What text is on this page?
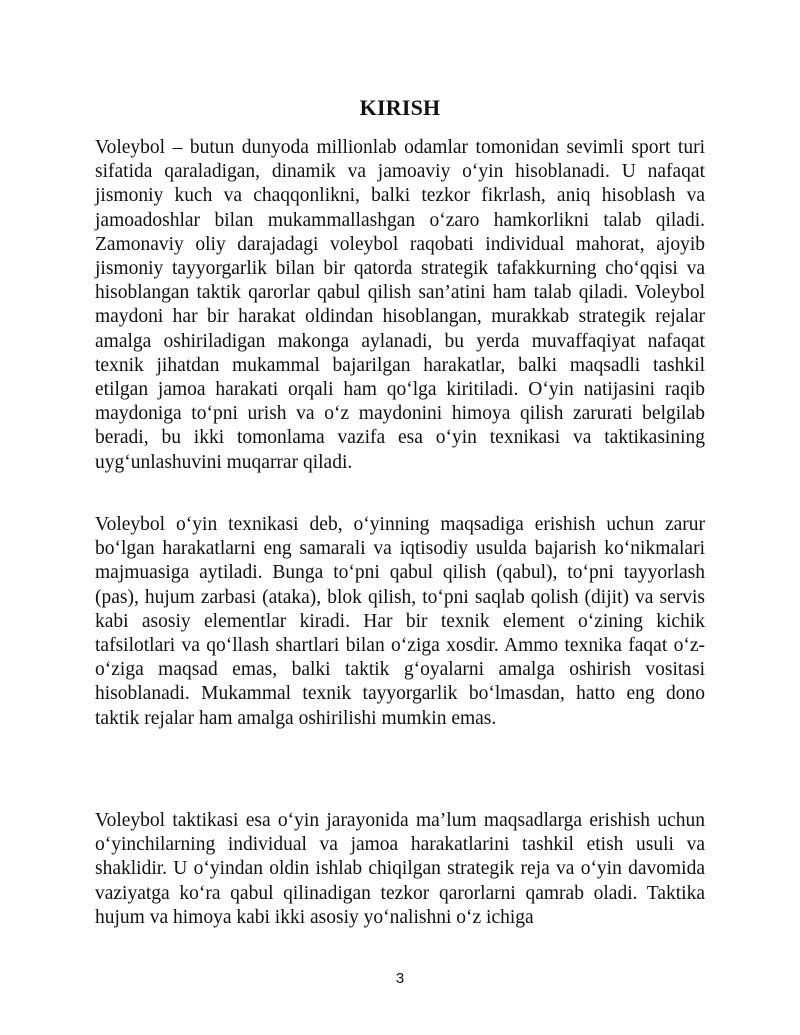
KIRISH

Voleybol – butun dunyoda millionlab odamlar tomonidan sevimli sport turi sifatida qaraladigan, dinamik va jamoaviy o‘yin hisoblanadi. U nafaqat jismoniy kuch va chaqqonlikni, balki tezkor fikrlash, aniq hisoblash va jamoadoshlar bilan mukammallashgan o‘zaro hamkorlikni talab qiladi. Zamonaviy oliy darajadagi voleybol raqobati individual mahorat, ajoyib jismoniy tayyorgarlik bilan bir qatorda strategik tafakkurning cho‘qqisi va hisoblangan taktik qarorlar qabul qilish san’atini ham talab qiladi. Voleybol maydoni har bir harakat oldindan hisoblangan, murakkab strategik rejalar amalga oshiriladigan makonga aylanadi, bu yerda muvaffaqiyat nafaqat texnik jihatdan mukammal bajarilgan harakatlar, balki maqsadli tashkil etilgan jamoa harakati orqali ham qo‘lga kiritiladi. O‘yin natijasini raqib maydoniga to‘pni urish va o‘z maydonini himoya qilish zarurati belgilab beradi, bu ikki tomonlama vazifa esa o‘yin texnikasi va taktikasining uyg‘unlashuvini muqarrar qiladi.

Voleybol o‘yin texnikasi deb, o‘yinning maqsadiga erishish uchun zarur bo‘lgan harakatlarni eng samarali va iqtisodiy usulda bajarish ko‘nikmalari majmuasiga aytiladi. Bunga to‘pni qabul qilish (qabul), to‘pni tayyorlash (pas), hujum zarbasi (ataka), blok qilish, to‘pni saqlab qolish (dijit) va servis kabi asosiy elementlar kiradi. Har bir texnik element o‘zining kichik tafsilotlari va qo‘llash shartlari bilan o‘ziga xosdir. Ammo texnika faqat o‘z-o‘ziga maqsad emas, balki taktik g‘oyalarni amalga oshirish vositasi hisoblanadi. Mukammal texnik tayyorgarlik bo‘lmasdan, hatto eng dono taktik rejalar ham amalga oshirilishi mumkin emas.

Voleybol taktikasi esa o‘yin jarayonida ma’lum maqsadlarga erishish uchun o‘yinchilarning individual va jamoa harakatlarini tashkil etish usuli va shaklidir. U o‘yindan oldin ishlab chiqilgan strategik reja va o‘yin davomida vaziyatga ko‘ra qabul qilinadigan tezkor qarorlarni qamrab oladi. Taktika hujum va himoya kabi ikki asosiy yo‘nalishni o‘z ichiga

3
